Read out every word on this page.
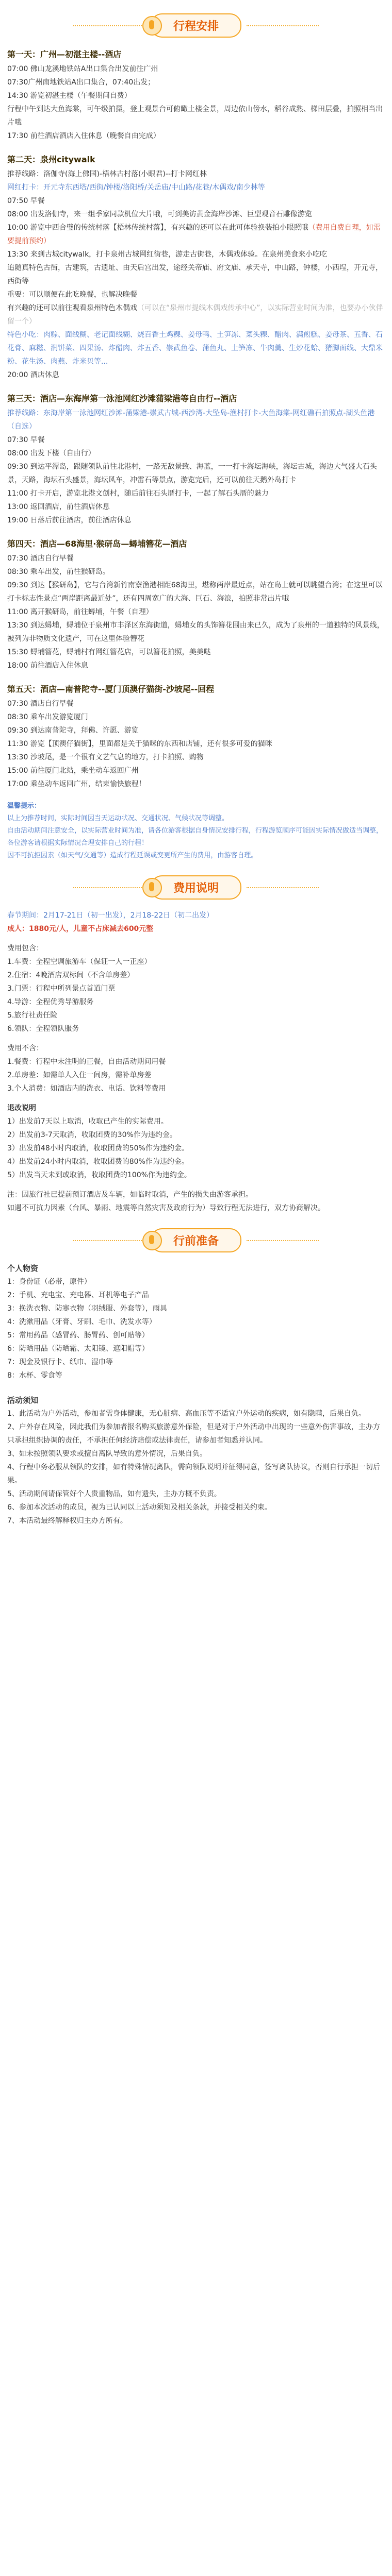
行程安排

第一天：广州—初湛主楼--酒店

07:00 佛山龙溪地铁站A出口集合出发前往广州

07:30广州南地铁站A出口集合，07:40出发；

14:30 游览初湛主楼（午餐期间自费）

行程中午到达大鱼海棠，可午级拍摄，登上观景台可俯瞰土楼全景，周边依山傍水，稻谷成熟、梯田层叠，拍照相当出片哦

17:30 前往酒店酒店入住休息（晚餐自由完成）

第二天：泉州citywalk

推荐线路：洛伽寺(海上佛国)-梧林古村落(小眼君)--打卡网红林

网红打卡：开元寺东西塔/西街/钟楼/洛阳桥/关岳庙/中山路/花巷/木偶戏/南少林等

07:50 早餐

08:00 出发洛伽寺，来一组季家同款机位大片哦，可到美访黄金海岸沙滩、巨型观音石雕像游览

10:00 游览中西合璧的传统村落【梧林传统村落】，有兴趣的还可以在此可体验换装拍小眼照哦（费用自费自理，如需要提前预约）

13:30 来到古城citywalk，打卡泉州古城网红街巷，游走古街巷，木偶戏体验。在泉州美食来小吃吃

追随真特色古街，古建筑，古遗址、由天后宫出发，途经关帝庙、府文庙、承天寺，中山路，钟楼，小西埕，开元寺，西街等

重要：可以顺便在此吃晚餐，也解决晚餐

有兴趣的还可以前往观看泉州特色木偶戏（可以在“泉州市提线木偶戏传承中心”，以实际营业时间为准，也要办小伙伴留一个）

特色小吃：肉粽、面线糊、老记面线糊、烧百香土鸡粿、姜母鸭、土笋冻、菜头粿、醋肉、满煎糕、姜母茶、五香、石花膏、麻糍、润饼菜、四果汤、炸醋肉、炸五香、崇武鱼卷、蒲鱼丸、土笋冻、牛肉羹、生炒花蛤、猪脚面线、大鼎米粉、花生汤、肉燕、炸米贝等...

20:00 酒店休息

第三天：酒店—东海岸第一泳池网红沙滩蒲梁港等自由行--酒店

推荐线路：东海岸第一泳池网红沙滩-蒲梁港-崇武古城-西沙湾-大坠岛-渔村打卡-大鱼海棠-网红礁石拍照点-湖头鱼港（自选）

07:30 早餐

08:00 出发下楼（自由行）

09:30 到达平潭岛，跟随领队前往北港村，一路无敌景致、海蓝，一一打卡海坛海峡，海坛古城，海边大气盛大石头景，天路，海坛石头盛景，海坛风车，冲雷石等景点，游览完后，还可以前往天鹅外岛打卡

11:00 打卡开启，游览北港文创村，随后前往石头厝打卡，一起了解石头厝的魅力

13:00 返回酒店，前往酒店休息

19:00 日落后前往酒店，前往酒店休息

第四天：酒店—68海里·猴研岛—蟳埔簪花—酒店

07:30 酒店自行早餐

08:30 乘车出发，前往猴研岛。

09:30 到达【猴研岛】，它与台湾新竹南寮渔港相距68海里，堪称两岸最近点，站在岛上就可以眺望台湾；在这里可以打卡标志性景点“两岸距离最近处”，还有四周宽广的大海、巨石、海浪，拍照非常出片哦

11:00 离开猴研岛，前往蟳埔，午餐（自理）

13:30 到达蟳埔，蟳埔位于泉州市丰泽区东海街道，蟳埔女的头饰簪花围由来已久，成为了泉州的一道独特的风景线，被列为非物质文化遗产，可在这里体验簪花

15:30 蟳埔簪花，蟳埔村有网红簪花店，可以簪花拍照，美美哒

18:00 前往酒店入住休息

第五天：酒店—南普陀寺--厦门顶澳仔猫街-沙坡尾--回程

07:30 酒店自行早餐

08:30 乘车出发游览厦门

09:30 到达南普陀寺，拜佛、许愿、游览

11:30 游览【顶澳仔猫街】，里面都是关于猫咪的东西和店铺，还有很多可爱的猫咪

13:30 沙坡尾，是一个很有文艺气息的地方，打卡拍照、购物

15:00 前往厦门北站，乘坐动车返回广州

17:00 乘坐动车返回广州，结束愉快旅程！

温馨提示：

以上为推荐时间，实际时间因当天运动状况、交通状况、气候状况等调整。

自由活动期间注意安全，以实际营业时间为准，请各位游客根据自身情况安排行程，行程游览顺序可能因实际情况做适当调整，各位游客请根据实际情况合理安排自己的行程！

因不可抗拒因素（如天气/交通等）造成行程延误或变更所产生的费用，由游客自理。

费用说明

春节期间：2月17-21日（初一出发），2月18-22日（初二出发）

成人：1880元/人，儿童不占床减去600元整

费用包含：

1.车费：全程空调旅游车（保证一人一正座）

2.住宿：4晚酒店双标间（不含单房差）

3.门票：行程中所列景点首道门票

4.导游：全程优秀导游服务

5.旅行社责任险

6.领队：全程领队服务

费用不含：

1.餐费：行程中未注明的正餐，自由活动期间用餐

2.单房差：如需单人入住一间房，需补单房差

3.个人消费：如酒店内的洗衣、电话、饮料等费用

退改说明

1）出发前7天以上取消，收取已产生的实际费用。

2）出发前3-7天取消，收取团费的30%作为违约金。

3）出发前48小时内取消，收取团费的50%作为违约金。

4）出发前24小时内取消，收取团费的80%作为违约金。

5）出发当天未到或取消，收取团费的100%作为违约金。

注：因旅行社已提前预订酒店及车辆，如临时取消，产生的损失由游客承担。

如遇不可抗力因素（台风、暴雨、地震等自然灾害及政府行为）导致行程无法进行，双方协商解决。

行前准备

个人物资

1：身份证（必带，原件）

2：手机、充电宝、充电器、耳机等电子产品

3：换洗衣物、防寒衣物（羽绒服、外套等），雨具

4：洗漱用品（牙膏、牙刷、毛巾、洗发水等）

5：常用药品（感冒药、肠胃药、创可贴等）

6：防晒用品（防晒霜、太阳镜、遮阳帽等）

7：现金及银行卡、纸巾、湿巾等

8：水杯、零食等

活动须知

1、此活动为户外活动，参加者需身体健康，无心脏病、高血压等不适宜户外运动的疾病，如有隐瞒，后果自负。

2、户外存在风险，因此我们为参加者报名购买旅游意外保险，但是对于户外活动中出现的一些意外伤害事故，主办方只承担组织协调的责任，不承担任何经济赔偿或法律责任，请参加者知悉并认同。

3、如未按照领队要求或擅自离队导致的意外情况，后果自负。

4、行程中务必服从领队的安排，如有特殊情况离队，需向领队说明并征得同意，签写离队协议，否则自行承担一切后果。

5、活动期间请保管好个人贵重物品，如有遗失，主办方概不负责。

6、参加本次活动的成员，视为已认同以上活动须知及相关条款，并接受相关约束。

7、本活动最终解释权归主办方所有。
